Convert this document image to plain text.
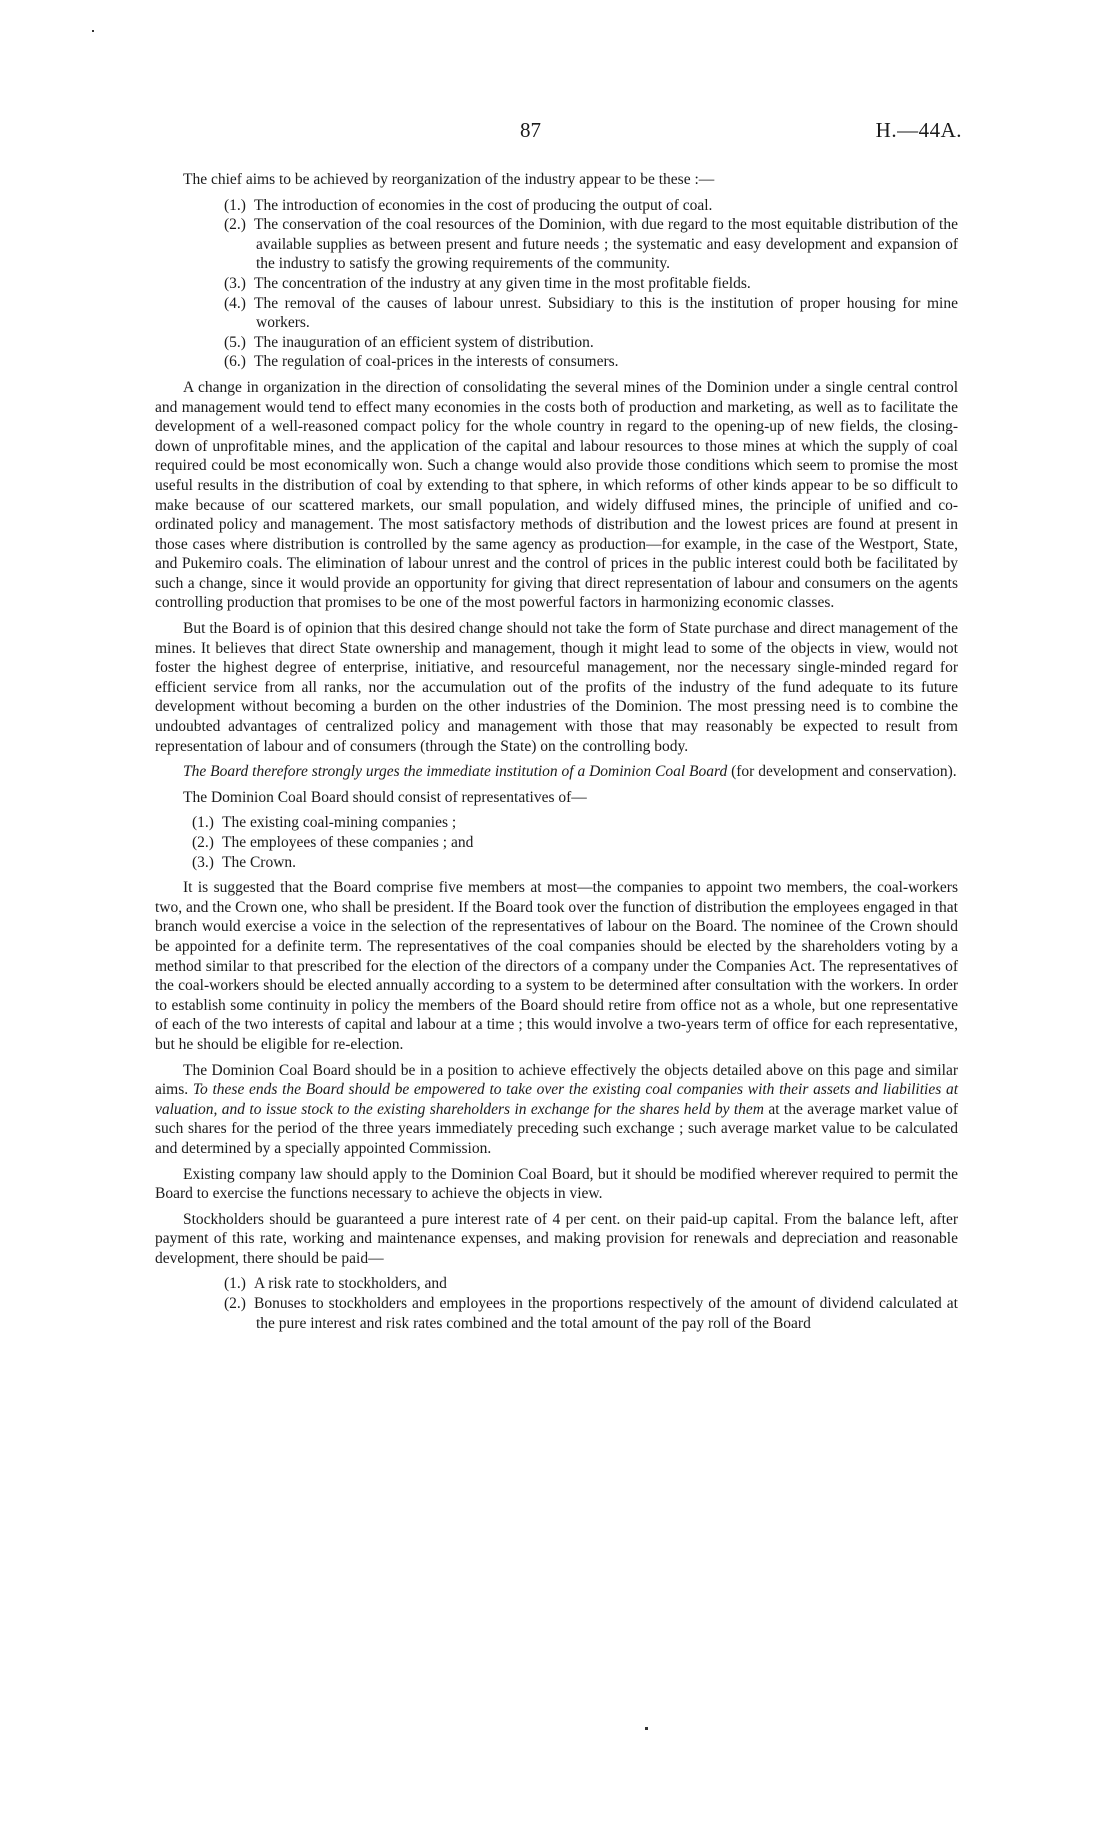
87	H.—44A.

The chief aims to be achieved by reorganization of the industry appear to be these :—

(1.) The introduction of economies in the cost of producing the output of coal.
(2.) The conservation of the coal resources of the Dominion, with due regard to the most equitable distribution of the available supplies as between present and future needs ; the systematic and easy development and expansion of the industry to satisfy the growing requirements of the community.
(3.) The concentration of the industry at any given time in the most profitable fields.
(4.) The removal of the causes of labour unrest. Subsidiary to this is the institution of proper housing for mine workers.
(5.) The inauguration of an efficient system of distribution.
(6.) The regulation of coal-prices in the interests of consumers.

A change in organization in the direction of consolidating the several mines of the Dominion under a single central control and management would tend to effect many economies in the costs both of production and marketing, as well as to facilitate the development of a well-reasoned compact policy for the whole country in regard to the opening-up of new fields, the closing-down of unprofitable mines, and the application of the capital and labour resources to those mines at which the supply of coal required could be most economically won. Such a change would also provide those conditions which seem to promise the most useful results in the distribution of coal by extending to that sphere, in which reforms of other kinds appear to be so difficult to make because of our scattered markets, our small population, and widely diffused mines, the principle of unified and co-ordinated policy and management. The most satisfactory methods of distribution and the lowest prices are found at present in those cases where distribution is controlled by the same agency as production—for example, in the case of the Westport, State, and Pukemiro coals. The elimination of labour unrest and the control of prices in the public interest could both be facilitated by such a change, since it would provide an opportunity for giving that direct representation of labour and consumers on the agents controlling production that promises to be one of the most powerful factors in harmonizing economic classes.

But the Board is of opinion that this desired change should not take the form of State purchase and direct management of the mines. It believes that direct State ownership and management, though it might lead to some of the objects in view, would not foster the highest degree of enterprise, initiative, and resourceful management, nor the necessary single-minded regard for efficient service from all ranks, nor the accumulation out of the profits of the industry of the fund adequate to its future development without becoming a burden on the other industries of the Dominion. The most pressing need is to combine the undoubted advantages of centralized policy and management with those that may reasonably be expected to result from representation of labour and of consumers (through the State) on the controlling body.

The Board therefore strongly urges the immediate institution of a Dominion Coal Board (for development and conservation).

The Dominion Coal Board should consist of representatives of—

(1.) The existing coal-mining companies ;
(2.) The employees of these companies ; and
(3.) The Crown.

It is suggested that the Board comprise five members at most—the companies to appoint two members, the coal-workers two, and the Crown one, who shall be president. If the Board took over the function of distribution the employees engaged in that branch would exercise a voice in the selection of the representatives of labour on the Board. The nominee of the Crown should be appointed for a definite term. The representatives of the coal companies should be elected by the shareholders voting by a method similar to that prescribed for the election of the directors of a company under the Companies Act. The representatives of the coal-workers should be elected annually according to a system to be determined after consultation with the workers. In order to establish some continuity in policy the members of the Board should retire from office not as a whole, but one representative of each of the two interests of capital and labour at a time ; this would involve a two-years term of office for each representative, but he should be eligible for re-election.

The Dominion Coal Board should be in a position to achieve effectively the objects detailed above on this page and similar aims. To these ends the Board should be empowered to take over the existing coal companies with their assets and liabilities at valuation, and to issue stock to the existing shareholders in exchange for the shares held by them at the average market value of such shares for the period of the three years immediately preceding such exchange ; such average market value to be calculated and determined by a specially appointed Commission.

Existing company law should apply to the Dominion Coal Board, but it should be modified wherever required to permit the Board to exercise the functions necessary to achieve the objects in view.

Stockholders should be guaranteed a pure interest rate of 4 per cent. on their paid-up capital. From the balance left, after payment of this rate, working and maintenance expenses, and making provision for renewals and depreciation and reasonable development, there should be paid—

(1.) A risk rate to stockholders, and
(2.) Bonuses to stockholders and employees in the proportions respectively of the amount of dividend calculated at the pure interest and risk rates combined and the total amount of the pay roll of the Board
